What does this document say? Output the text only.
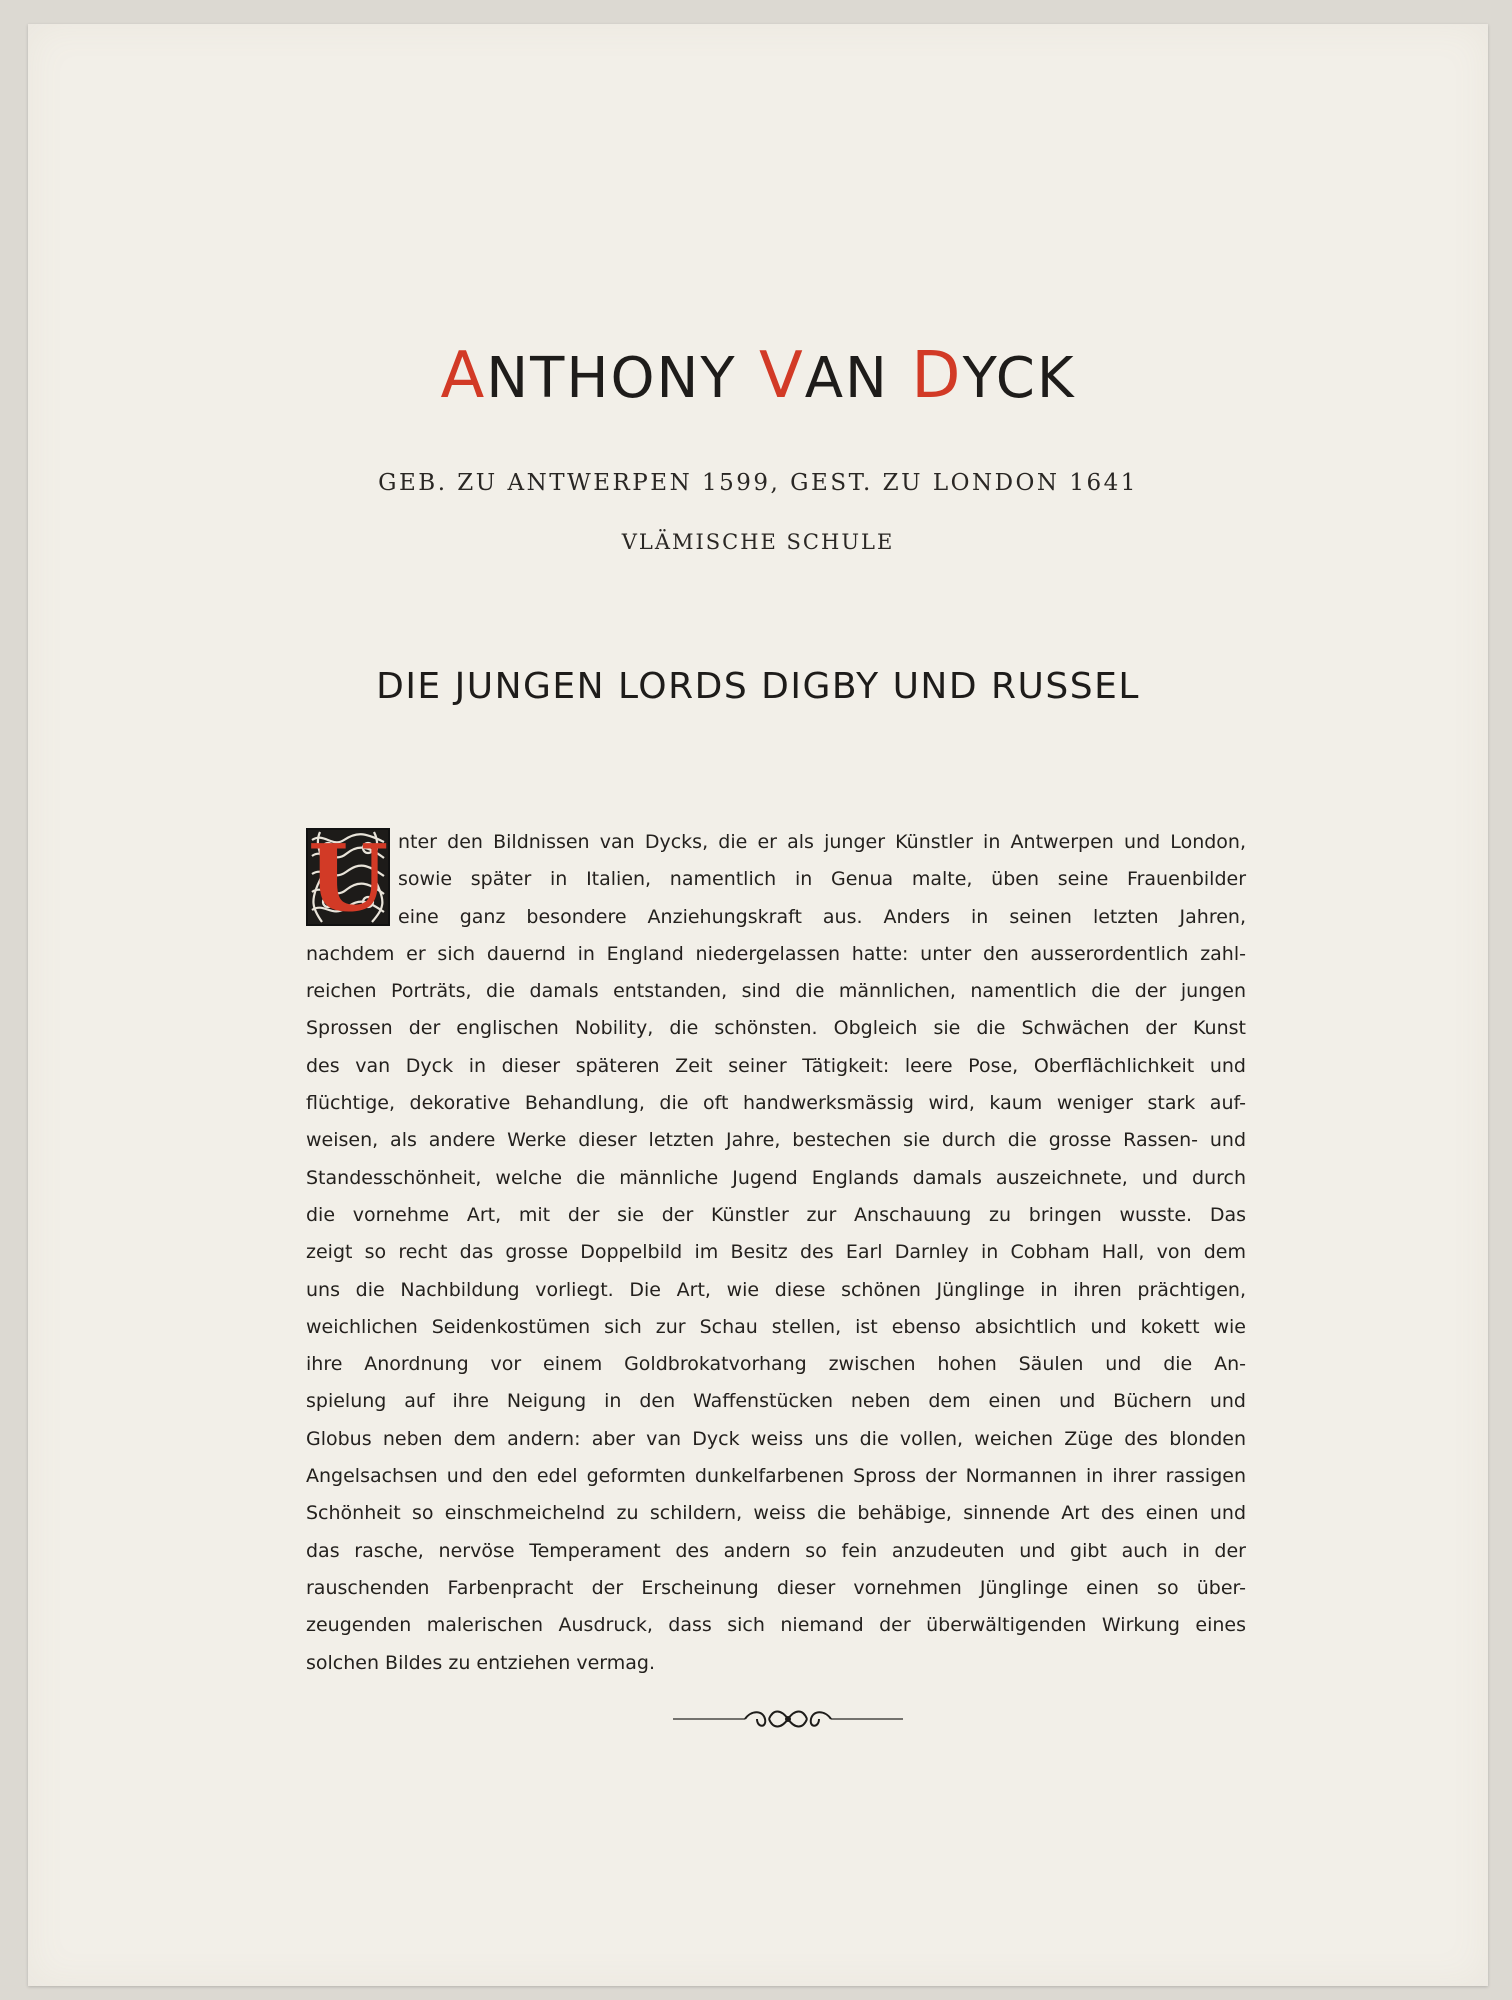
ANTHONY VAN DYCK
GEB. ZU ANTWERPEN 1599, GEST. ZU LONDON 1641
VLÄMISCHE SCHULE
DIE JUNGEN LORDS DIGBY UND RUSSEL
U nter den Bildnissen van Dycks, die er als junger Künstler in Antwerpen und London,
sowie später in Italien, namentlich in Genua malte, üben seine Frauenbilder
eine ganz besondere Anziehungskraft aus. Anders in seinen letzten Jahren,
nachdem er sich dauernd in England niedergelassen hatte: unter den ausserordentlich zahl-
reichen Porträts, die damals entstanden, sind die männlichen, namentlich die der jungen
Sprossen der englischen Nobility, die schönsten. Obgleich sie die Schwächen der Kunst
des van Dyck in dieser späteren Zeit seiner Tätigkeit: leere Pose, Oberflächlichkeit und
flüchtige, dekorative Behandlung, die oft handwerksmässig wird, kaum weniger stark auf-
weisen, als andere Werke dieser letzten Jahre, bestechen sie durch die grosse Rassen- und
Standesschönheit, welche die männliche Jugend Englands damals auszeichnete, und durch
die vornehme Art, mit der sie der Künstler zur Anschauung zu bringen wusste. Das
zeigt so recht das grosse Doppelbild im Besitz des Earl Darnley in Cobham Hall, von dem
uns die Nachbildung vorliegt. Die Art, wie diese schönen Jünglinge in ihren prächtigen,
weichlichen Seidenkostümen sich zur Schau stellen, ist ebenso absichtlich und kokett wie
ihre Anordnung vor einem Goldbrokatvorhang zwischen hohen Säulen und die An-
spielung auf ihre Neigung in den Waffenstücken neben dem einen und Büchern und
Globus neben dem andern: aber van Dyck weiss uns die vollen, weichen Züge des blonden
Angelsachsen und den edel geformten dunkelfarbenen Spross der Normannen in ihrer rassigen
Schönheit so einschmeichelnd zu schildern, weiss die behäbige, sinnende Art des einen und
das rasche, nervöse Temperament des andern so fein anzudeuten und gibt auch in der
rauschenden Farbenpracht der Erscheinung dieser vornehmen Jünglinge einen so über-
zeugenden malerischen Ausdruck, dass sich niemand der überwältigenden Wirkung eines
solchen Bildes zu entziehen vermag.
